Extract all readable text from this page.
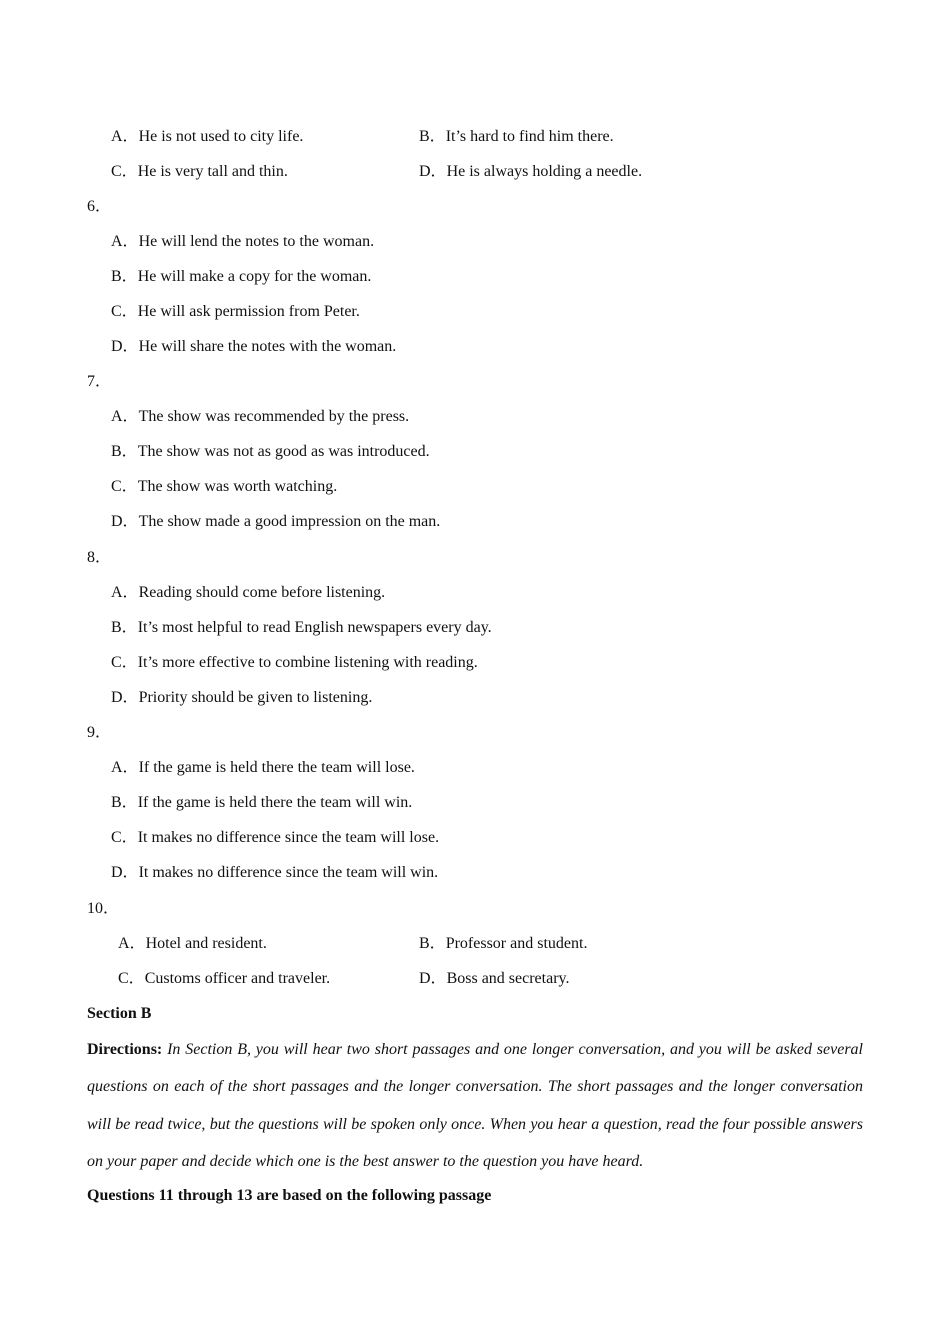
A．He is not used to city life.	B．It’s hard to find him there.
C．He is very tall and thin.	D．He is always holding a needle.
6．
A．He will lend the notes to the woman.
B．He will make a copy for the woman.
C．He will ask permission from Peter.
D．He will share the notes with the woman.
7．
A．The show was recommended by the press.
B．The show was not as good as was introduced.
C．The show was worth watching.
D．The show made a good impression on the man.
8．
A．Reading should come before listening.
B．It’s most helpful to read English newspapers every day.
C．It’s more effective to combine listening with reading.
D．Priority should be given to listening.
9．
A．If the game is held there the team will lose.
B．If the game is held there the team will win.
C．It makes no difference since the team will lose.
D．It makes no difference since the team will win.
10．
A．Hotel and resident.	B．Professor and student.
C．Customs officer and traveler.	D．Boss and secretary.
Section B
Directions: In Section B, you will hear two short passages and one longer conversation, and you will be asked several questions on each of the short passages and the longer conversation. The short passages and the longer conversation will be read twice, but the questions will be spoken only once. When you hear a question, read the four possible answers on your paper and decide which one is the best answer to the question you have heard.
Questions 11 through 13 are based on the following passage
